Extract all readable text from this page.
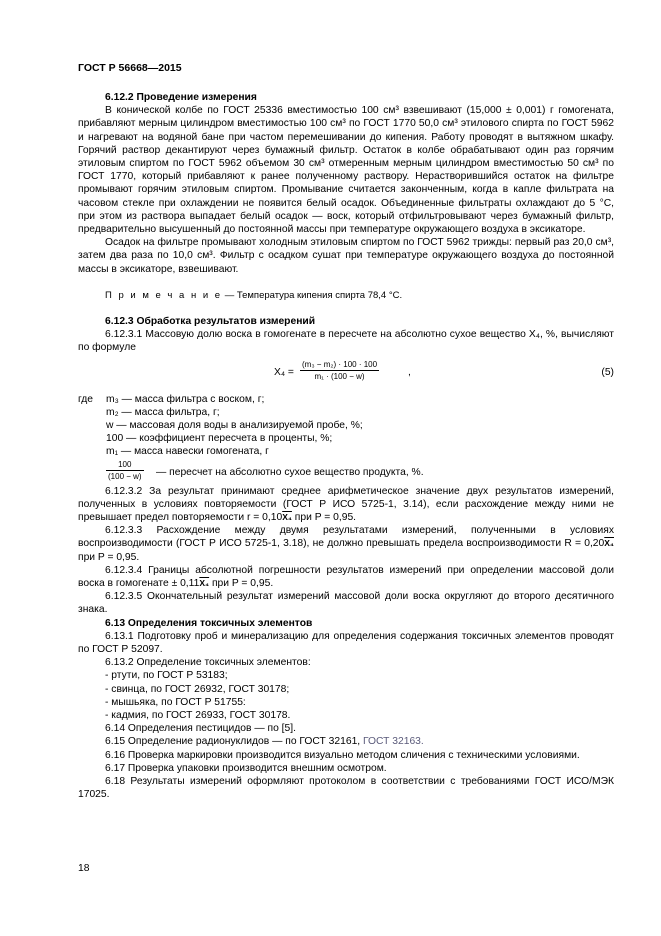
ГОСТ Р 56668—2015

6.12.2 Проведение измерения

В конической колбе по ГОСТ 25336 вместимостью 100 см³ взвешивают (15,000 ± 0,001) г гомогената, прибавляют мерным цилиндром вместимостью 100 см³ по ГОСТ 1770 50,0 см³ этилового спирта по ГОСТ 5962 и нагревают на водяной бане при частом перемешивании до кипения. Работу проводят в вытяжном шкафу. Горячий раствор декантируют через бумажный фильтр. Остаток в колбе обрабатывают один раз горячим этиловым спиртом по ГОСТ 5962 объемом 30 см³ отмеренным мерным цилиндром вместимостью 50 см³ по ГОСТ 1770, который прибавляют к ранее полученному раствору. Нерастворившийся остаток на фильтре промывают горячим этиловым спиртом. Промывание считается законченным, когда в капле фильтрата на часовом стекле при охлаждении не появится белый осадок. Объединенные фильтраты охлаждают до 5 °С, при этом из раствора выпадает белый осадок — воск, который отфильтровывают через бумажный фильтр, предварительно высушенный до постоянной массы при температуре окружающего воздуха в эксикаторе.

Осадок на фильтре промывают холодным этиловым спиртом по ГОСТ 5962 трижды: первый раз 20,0 см³, затем два раза по 10,0 см³. Фильтр с осадком сушат при температуре окружающего воздуха до постоянной массы в эксикаторе, взвешивают.

П р и м е ч а н и е — Температура кипения спирта 78,4 °С.

6.12.3 Обработка результатов измерений

6.12.3.1 Массовую долю воска в гомогенате в пересчете на абсолютно сухое вещество X₄, %, вычисляют по формуле

$X_4 = \frac{\text{(m₃ − m₂) · 100 · 100}}{\text{m₁ · (100 − w)}}$	,	(5)
где m₃ — масса фильтра с воском, г;
m₂ — масса фильтра, г;
w — массовая доля воды в анализируемой пробе, %;
100 — коэффициент пересчета в проценты, %;
m₁ — масса навески гомогената, г
$\frac{100}{(100 - w)}$ — пересчет на абсолютно сухое вещество продукта, %.

6.12.3.2 За результат принимают среднее арифметическое значение двух результатов измерений, полученных в условиях повторяемости (ГОСТ Р ИСО 5725-1, 3.14), если расхождение между ними не превышает предел повторяемости r = 0,10X₄ при P = 0,95.

6.12.3.3 Расхождение между двумя результатами измерений, полученными в условиях воспроизводимости (ГОСТ Р ИСО 5725-1, 3.18), не должно превышать предела воспроизводимости R = 0,20X₄ при P = 0,95.

6.12.3.4 Границы абсолютной погрешности результатов измерений при определении массовой доли воска в гомогенате ± 0,11X₄ при P = 0,95.

6.12.3.5 Окончательный результат измерений массовой доли воска округляют до второго десятичного знака.

6.13 Определения токсичных элементов

6.13.1 Подготовку проб и минерализацию для определения содержания токсичных элементов проводят по ГОСТ Р 52097.

6.13.2 Определение токсичных элементов:

- ртути, по ГОСТ Р 53183;

- свинца, по ГОСТ 26932, ГОСТ 30178;

- мышьяка, по ГОСТ Р 51755:

- кадмия, по ГОСТ 26933, ГОСТ 30178.

6.14 Определения пестицидов — по [5].

6.15 Определение радионуклидов — по ГОСТ 32161, ГОСТ 32163.

6.16 Проверка маркировки производится визуально методом сличения с техническими условиями.

6.17 Проверка упаковки производится внешним осмотром.

6.18 Результаты измерений оформляют протоколом в соответствии с требованиями ГОСТ ИСО/МЭК 17025.

18
